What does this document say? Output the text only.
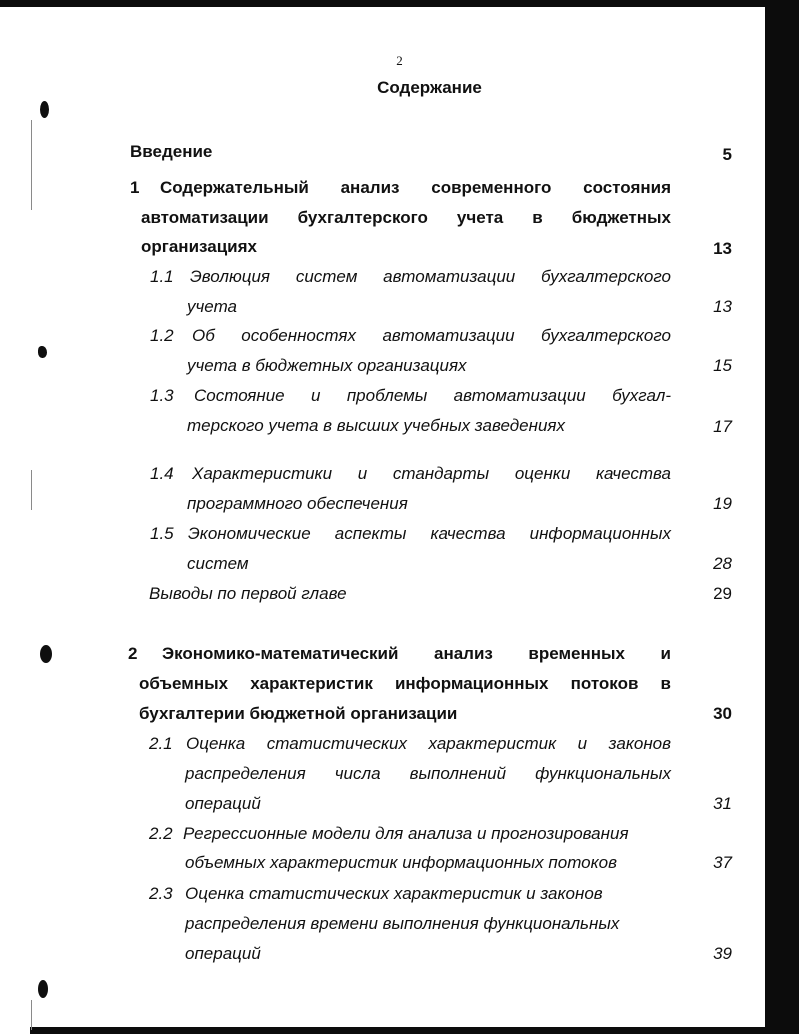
2
Содержание
Введение	5
1 Содержательный анализ современного состояния
автоматизации бухгалтерского учета в бюджетных
организациях	13
1.1 Эволюция систем автоматизации бухгалтерского
учета	13
1.2 Об особенностях автоматизации бухгалтерского
учета в бюджетных организациях	15
1.3 Состояние и проблемы автоматизации бухгал-
терского учета в высших учебных заведениях	17
1.4 Характеристики и стандарты оценки качества
программного обеспечения	19
1.5 Экономические аспекты качества информационных
систем	28
Выводы по первой главе	29
2 Экономико-математический анализ временных и
объемных характеристик информационных потоков в
бухгалтерии бюджетной организации	30
2.1 Оценка статистических характеристик и законов
распределения числа выполнений функциональных
операций	31
2.2 Регрессионные модели для анализа и прогнозирования
объемных характеристик информационных потоков	37
2.3 Оценка статистических характеристик и законов
распределения времени выполнения функциональных
операций	39
